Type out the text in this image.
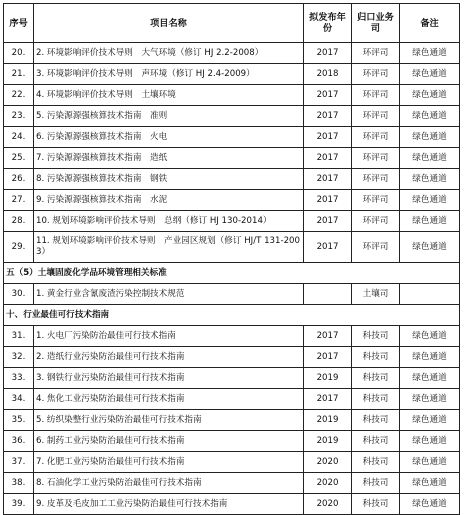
序号	项目名称	拟发布年份	归口业务司	备注
20.	2. 环境影响评价技术导则　大气环境（修订 HJ 2.2-2008）	2017	环评司	绿色通道
21.	3. 环境影响评价技术导则　声环境（修订 HJ 2.4-2009）	2018	环评司	绿色通道
22.	4. 环境影响评价技术导则　土壤环境	2017	环评司	绿色通道
23.	5. 污染源源强核算技术指南　准则	2017	环评司	绿色通道
24.	6. 污染源源强核算技术指南　火电	2017	环评司	绿色通道
25.	7. 污染源源强核算技术指南　造纸	2017	环评司	绿色通道
26.	8. 污染源源强核算技术指南　钢铁	2017	环评司	绿色通道
27.	9. 污染源源强核算技术指南　水泥	2017	环评司	绿色通道
28.	10. 规划环境影响评价技术导则　总纲（修订 HJ 130-2014）	2017	环评司	绿色通道
29.	11. 规划环境影响评价技术导则　产业园区规划（修订 HJ/T 131-2003）	2017	环评司	绿色通道
五（5）土壤固废化学品环境管理相关标准				
30.	1. 黄金行业含氰废渣污染控制技术规范		土壤司	
十、行业最佳可行技术指南				
31.	1. 火电厂污染防治最佳可行技术指南	2017	科技司	绿色通道
32.	2. 造纸行业污染防治最佳可行技术指南	2017	科技司	绿色通道
33.	3. 钢铁行业污染防治最佳可行技术指南	2019	科技司	绿色通道
34.	4. 焦化工业污染防治最佳可行技术指南	2017	科技司	绿色通道
35.	5. 纺织染整行业污染防治最佳可行技术指南	2019	科技司	绿色通道
36.	6. 制药工业污染防治最佳可行技术指南	2019	科技司	绿色通道
37.	7. 化肥工业污染防治最佳可行技术指南	2020	科技司	绿色通道
38.	8. 石油化学工业污染防治最佳可行技术指南	2020	科技司	绿色通道
39.	9. 皮革及毛皮加工工业污染防治最佳可行技术指南	2020	科技司	绿色通道
